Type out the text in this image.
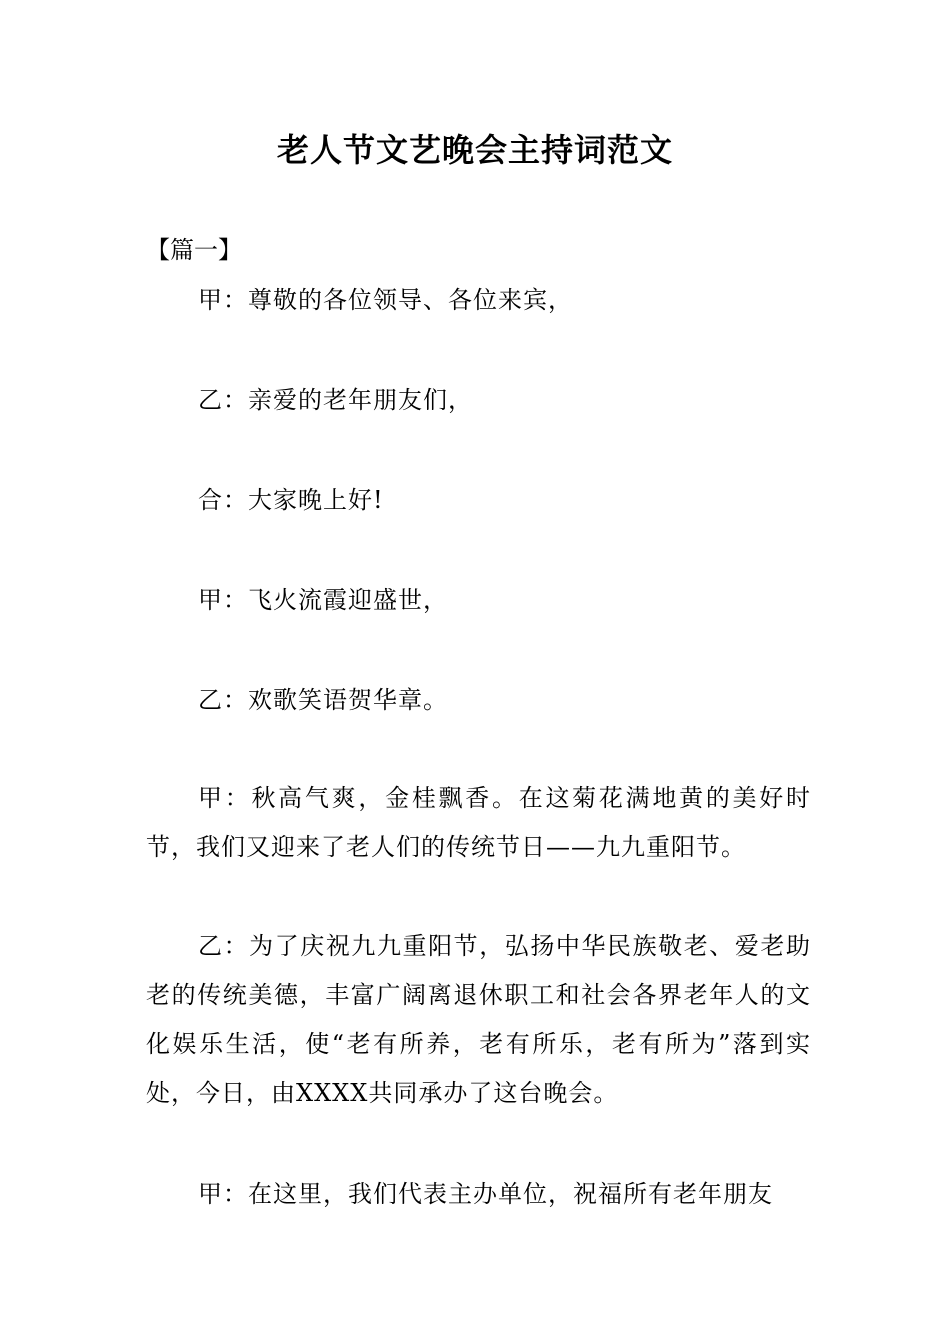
老人节文艺晚会主持词范文
【篇一】

甲：尊敬的各位领导、各位来宾，

乙：亲爱的老年朋友们，

合：大家晚上好!

甲：飞火流霞迎盛世，

乙：欢歌笑语贺华章。

甲：秋高气爽，金桂飘香。在这菊花满地黄的美好时节，我们又迎来了老人们的传统节日——九九重阳节。

乙：为了庆祝九九重阳节，弘扬中华民族敬老、爱老助老的传统美德，丰富广阔离退休职工和社会各界老年人的文化娱乐生活，使“老有所养，老有所乐，老有所为”落到实处，今日，由XXXX共同承办了这台晚会。

甲：在这里，我们代表主办单位，祝福所有老年朋友
